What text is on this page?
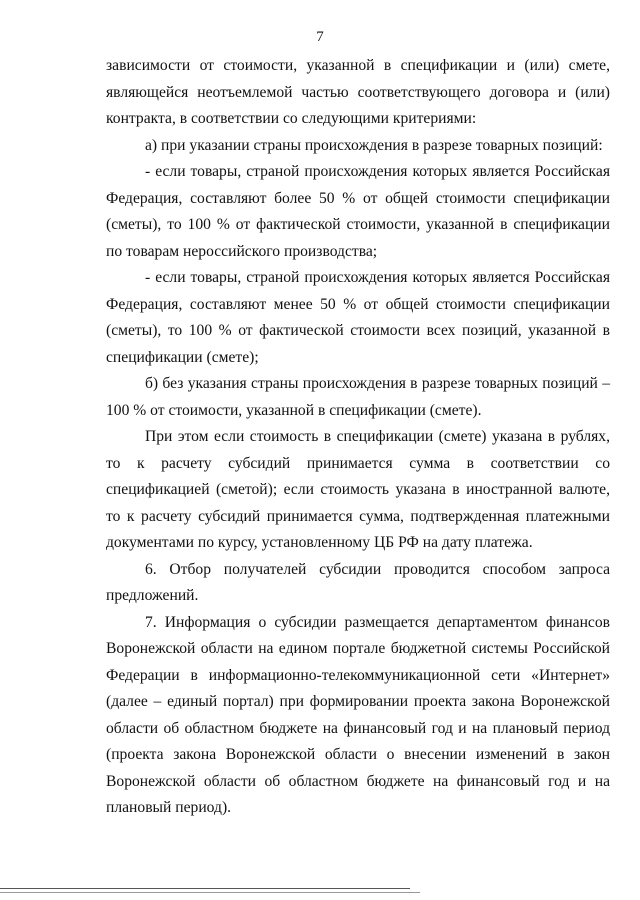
7

зависимости от стоимости, указанной в спецификации и (или) смете, являющейся неотъемлемой частью соответствующего договора и (или) контракта, в соответствии со следующими критериями:

а) при указании страны происхождения в разрезе товарных позиций:

- если товары, страной происхождения которых является Российская Федерация, составляют более 50 % от общей стоимости спецификации (сметы), то 100 % от фактической стоимости, указанной в спецификации по товарам нероссийского производства;

- если товары, страной происхождения которых является Российская Федерация, составляют менее 50 % от общей стоимости спецификации (сметы), то 100 % от фактической стоимости всех позиций, указанной в спецификации (смете);

б) без указания страны происхождения в разрезе товарных позиций – 100 % от стоимости, указанной в спецификации (смете).

При этом если стоимость в спецификации (смете) указана в рублях, то к расчету субсидий принимается сумма в соответствии со спецификацией (сметой); если стоимость указана в иностранной валюте, то к расчету субсидий принимается сумма, подтвержденная платежными документами по курсу, установленному ЦБ РФ на дату платежа.

6. Отбор получателей субсидии проводится способом запроса предложений.

7. Информация о субсидии размещается департаментом финансов Воронежской области на едином портале бюджетной системы Российской Федерации в информационно-телекоммуникационной сети «Интернет» (далее – единый портал) при формировании проекта закона Воронежской области об областном бюджете на финансовый год и на плановый период (проекта закона Воронежской области о внесении изменений в закон Воронежской области об областном бюджете на финансовый год и на плановый период).
